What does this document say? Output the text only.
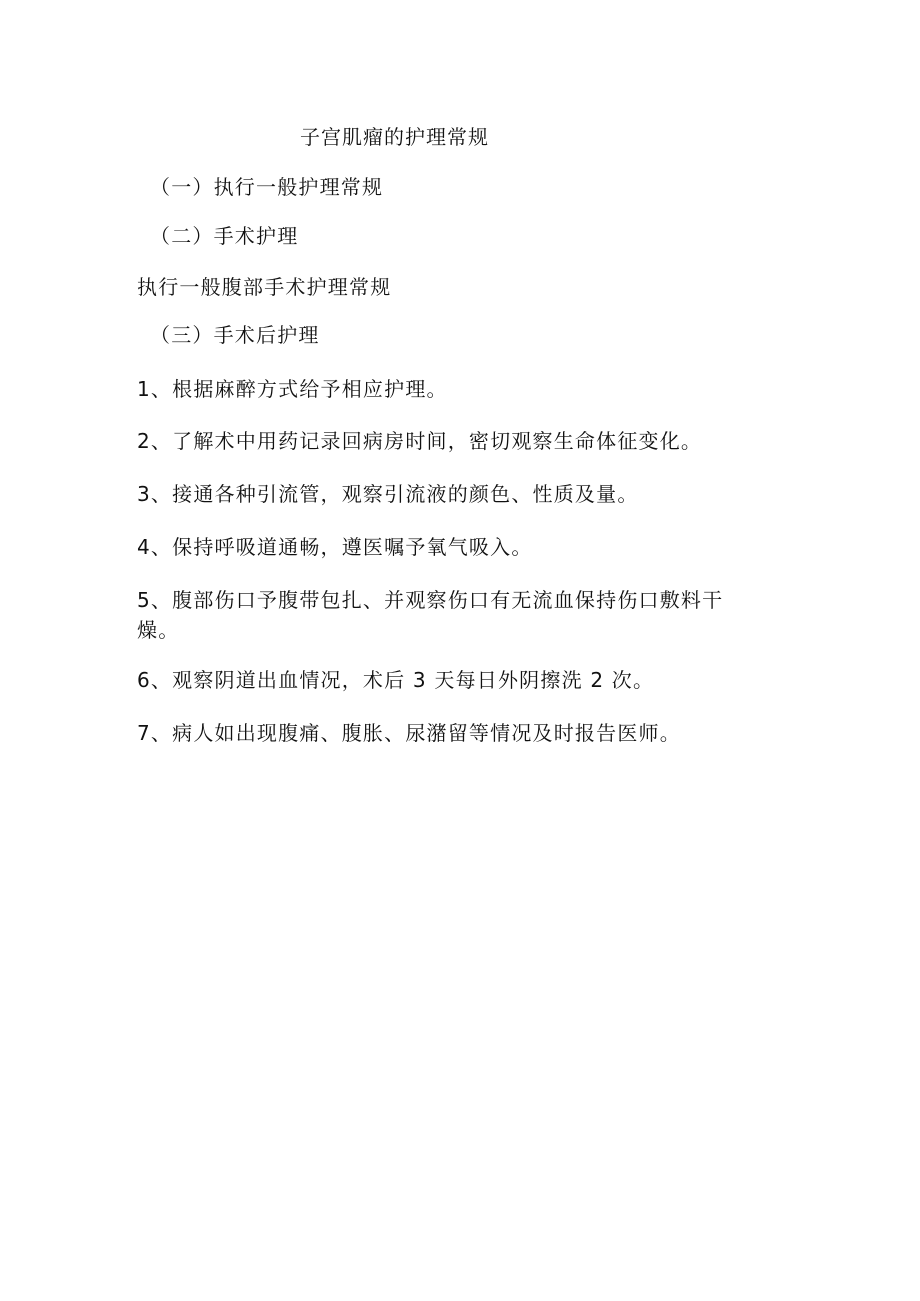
子宫肌瘤的护理常规
（一）执行一般护理常规
（二）手术护理
执行一般腹部手术护理常规
（三）手术后护理
1、根据麻醉方式给予相应护理。
2、了解术中用药记录回病房时间，密切观察生命体征变化。
3、接通各种引流管，观察引流液的颜色、性质及量。
4、保持呼吸道通畅，遵医嘱予氧气吸入。
5、腹部伤口予腹带包扎、并观察伤口有无流血保持伤口敷料干
燥。
6、观察阴道出血情况，术后 3 天每日外阴擦洗 2 次。
7、病人如出现腹痛、腹胀、尿潴留等情况及时报告医师。
